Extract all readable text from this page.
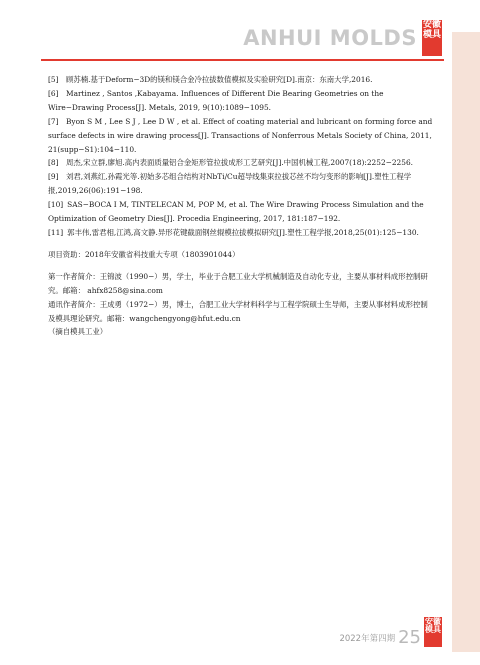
ANHUI MOLDS
安徽
模具

[5] 顾苏楠.基于Deform−3D的镁和镁合金冷拉拔数值模拟及实验研究[D].南京：东南大学,2016.

[6] Martinez , Santos ,Kabayama. Influences of Different Die Bearing Geometries on the Wire−Drawing Process[J]. Metals, 2019, 9(10):1089−1095.

[7] Byon S M , Lee S J , Lee D W , et al. Effect of coating material and lubricant on forming force and surface defects in wire drawing process[J]. Transactions of Nonferrous Metals Society of China, 2011, 21(supp−S1):104−110.

[8] 周杰,宋立群,廖旭.高内表面质量铝合金矩形管拉拔成形工艺研究[J].中国机械工程,2007(18):2252−2256.

[9] 刘君,刘燕红,孙霞光等.初始多芯组合结构对NbTi/Cu超导线集束拉拔芯丝不均匀变形的影响[J].塑性工程学报,2019,26(06):191−198.

[10] SAS−BOCA I M, TINTELECAN M, POP M, et al. The Wire Drawing Process Simulation and the Optimization of Geometry Dies[J]. Procedia Engineering, 2017, 181:187−192.

[11] 郭丰伟,雷君相,江鸿,高文静.异形花键截面钢丝辊模拉拔模拟研究[J].塑性工程学报,2018,25(01):125−130.

项目资助：2018年安徽省科技重大专项（1803901044）

第一作者简介：王锦波（1990−）男，学士，毕业于合肥工业大学机械制造及自动化专业，主要从事材料成形控制研究。邮箱： ahfx8258@sina.com

通讯作者简介：王成勇（1972−）男，博士，合肥工业大学材料科学与工程学院硕士生导师，主要从事材料成形控制及模具理论研究。邮箱：wangchengyong@hfut.edu.cn

（摘自模具工业）

2022年第四期 25
安徽
模具
